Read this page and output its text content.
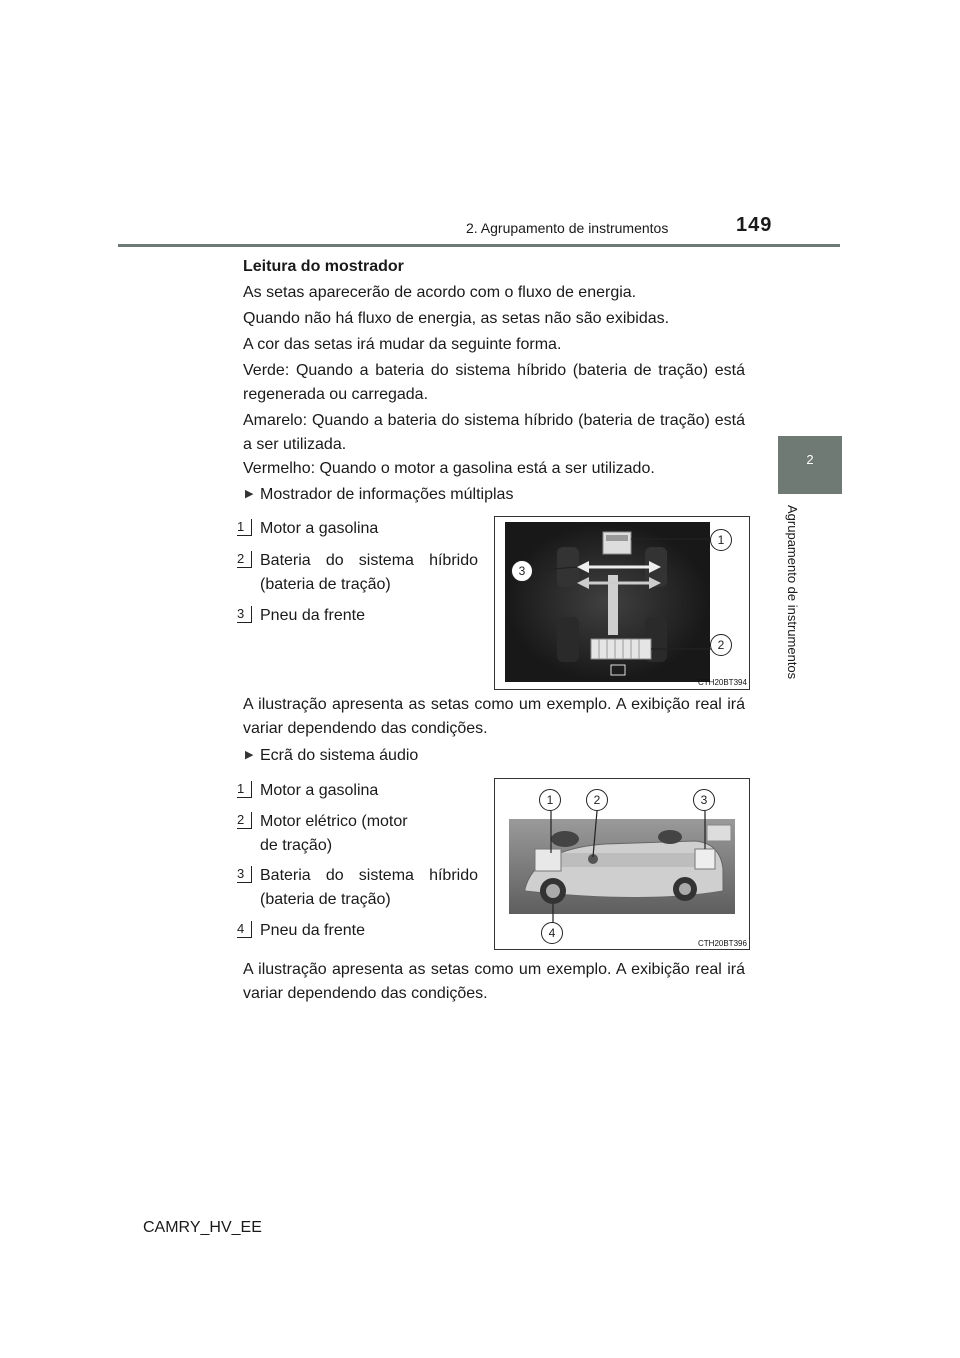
2. Agrupamento de instrumentos	149
2
Agrupamento de instrumentos
Leitura do mostrador
As setas aparecerão de acordo com o fluxo de energia.
Quando não há fluxo de energia, as setas não são exibidas.
A cor das setas irá mudar da seguinte forma.
Verde: Quando a bateria do sistema híbrido (bateria de tração) está regenerada ou carregada.
Amarelo: Quando a bateria do sistema híbrido (bateria de tração) está a ser utilizada.
Vermelho: Quando o motor a gasolina está a ser utilizado.
▶ Mostrador de informações múltiplas
1 Motor a gasolina
2 Bateria do sistema híbrido (bateria de tração)
3 Pneu da frente
1
2
3
CTH20BT394
A ilustração apresenta as setas como um exemplo. A exibição real irá variar dependendo das condições.
▶ Ecrã do sistema áudio
1 Motor a gasolina
2 Motor elétrico (motor de tração)
3 Bateria do sistema híbrido (bateria de tração)
4 Pneu da frente
1	2	3
4
CTH20BT396
A ilustração apresenta as setas como um exemplo. A exibição real irá variar dependendo das condições.
CAMRY_HV_EE
